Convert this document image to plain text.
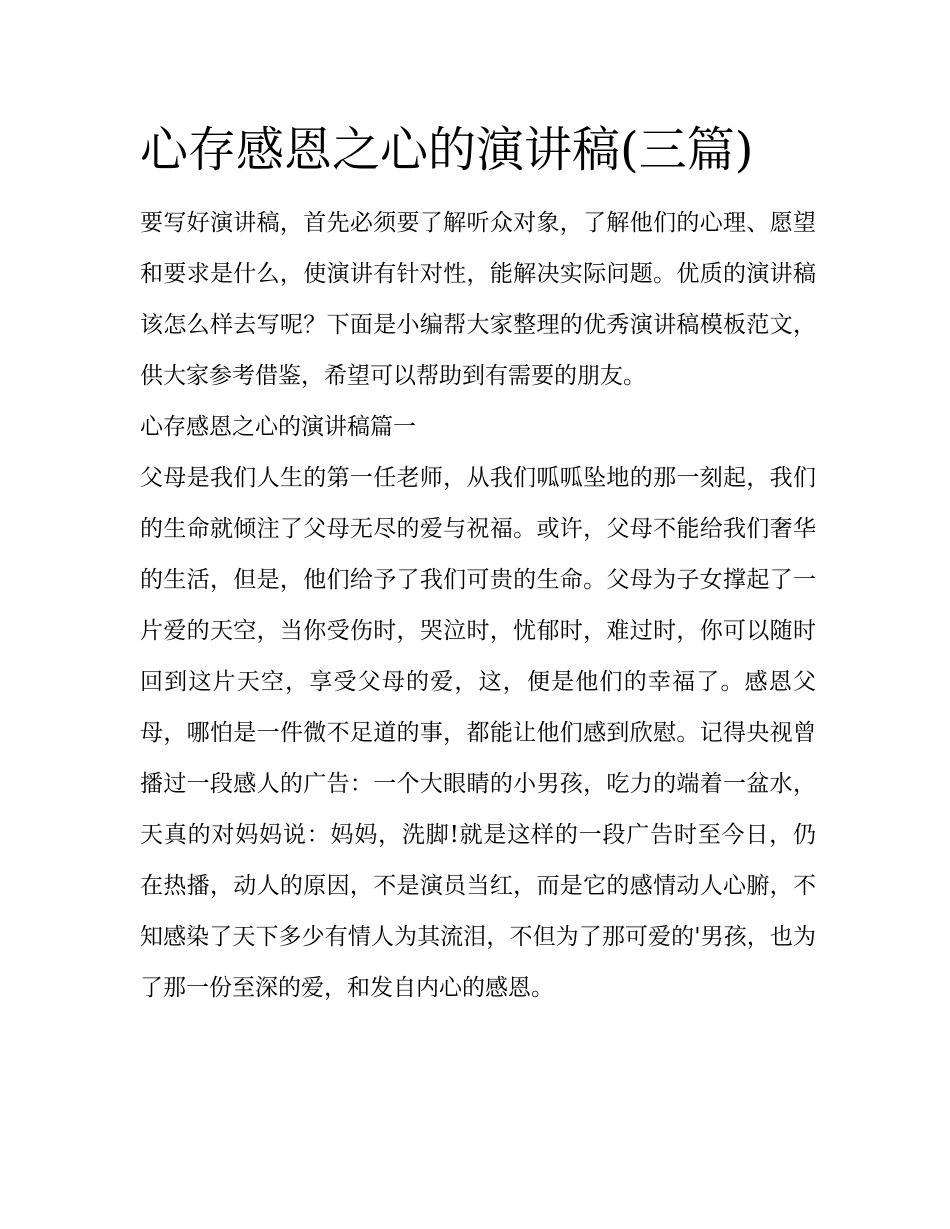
心存感恩之心的演讲稿(三篇)

要写好演讲稿，首先必须要了解听众对象，了解他们的心理、愿望和要求是什么，使演讲有针对性，能解决实际问题。优质的演讲稿该怎么样去写呢？下面是小编帮大家整理的优秀演讲稿模板范文，供大家参考借鉴，希望可以帮助到有需要的朋友。

心存感恩之心的演讲稿篇一

父母是我们人生的第一任老师，从我们呱呱坠地的那一刻起，我们的生命就倾注了父母无尽的爱与祝福。或许，父母不能给我们奢华的生活，但是，他们给予了我们可贵的生命。父母为子女撑起了一片爱的天空，当你受伤时，哭泣时，忧郁时，难过时，你可以随时回到这片天空，享受父母的爱，这，便是他们的幸福了。感恩父母，哪怕是一件微不足道的事，都能让他们感到欣慰。记得央视曾播过一段感人的广告：一个大眼睛的小男孩，吃力的端着一盆水，天真的对妈妈说：妈妈，洗脚!就是这样的一段广告时至今日，仍在热播，动人的原因，不是演员当红，而是它的感情动人心腑，不知感染了天下多少有情人为其流泪，不但为了那可爱的'男孩，也为了那一份至深的爱，和发自内心的感恩。
